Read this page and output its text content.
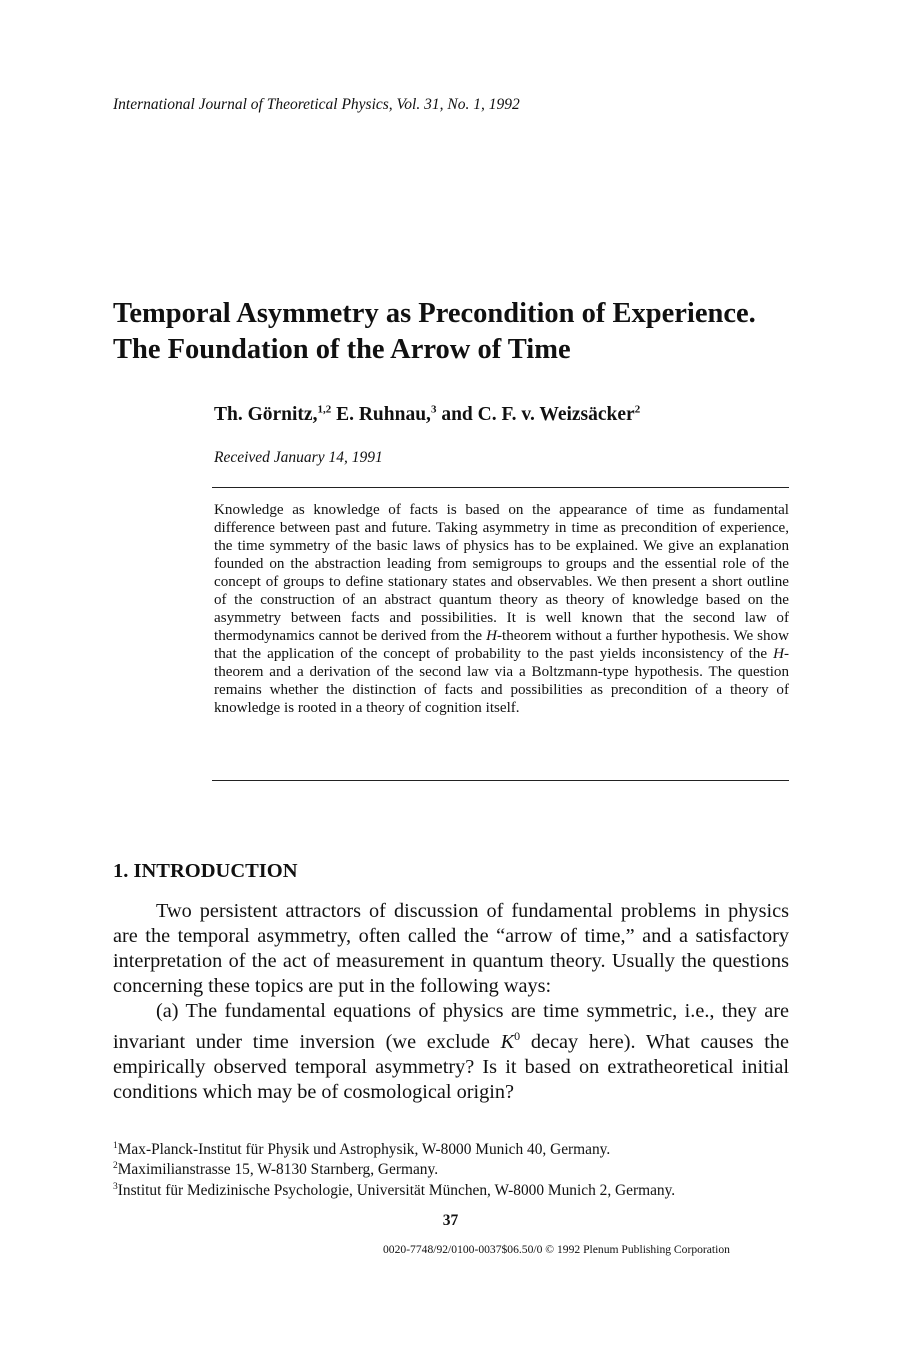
International Journal of Theoretical Physics, Vol. 31, No. 1, 1992
Temporal Asymmetry as Precondition of Experience.
The Foundation of the Arrow of Time
Th. Görnitz,$^{1,2}$ E. Ruhnau,$^3$ and C. F. v. Weizsäcker$^2$
Received January 14, 1991
Knowledge as knowledge of facts is based on the appearance of time as fundamental difference between past and future. Taking asymmetry in time as precondition of experience, the time symmetry of the basic laws of physics has to be explained. We give an explanation founded on the abstraction leading from semigroups to groups and the essential role of the concept of groups to define stationary states and observables. We then present a short outline of the construction of an abstract quantum theory as theory of knowledge based on the asymmetry between facts and possibilities. It is well known that the second law of thermodynamics cannot be derived from the H-theorem without a further hypothesis. We show that the application of the concept of probability to the past yields inconsistency of the H-theorem and a derivation of the second law via a Boltzmann-type hypothesis. The question remains whether the distinction of facts and possibilities as precondition of a theory of knowledge is rooted in a theory of cognition itself.
1. INTRODUCTION

Two persistent attractors of discussion of fundamental problems in physics are the temporal asymmetry, often called the “arrow of time,” and a satisfactory interpretation of the act of measurement in quantum theory. Usually the questions concerning these topics are put in the following ways:

(a) The fundamental equations of physics are time symmetric, i.e., they are invariant under time inversion (we exclude $K^0$ decay here). What causes the empirically observed temporal asymmetry? Is it based on extratheoretical initial conditions which may be of cosmological origin?

$^1$Max-Planck-Institut für Physik und Astrophysik, W-8000 Munich 40, Germany.
$^2$Maximilianstrasse 15, W-8130 Starnberg, Germany.
$^3$Institut für Medizinische Psychologie, Universität München, W-8000 Munich 2, Germany.
37
0020-7748/92/0100-0037$06.50/0 © 1992 Plenum Publishing Corporation
